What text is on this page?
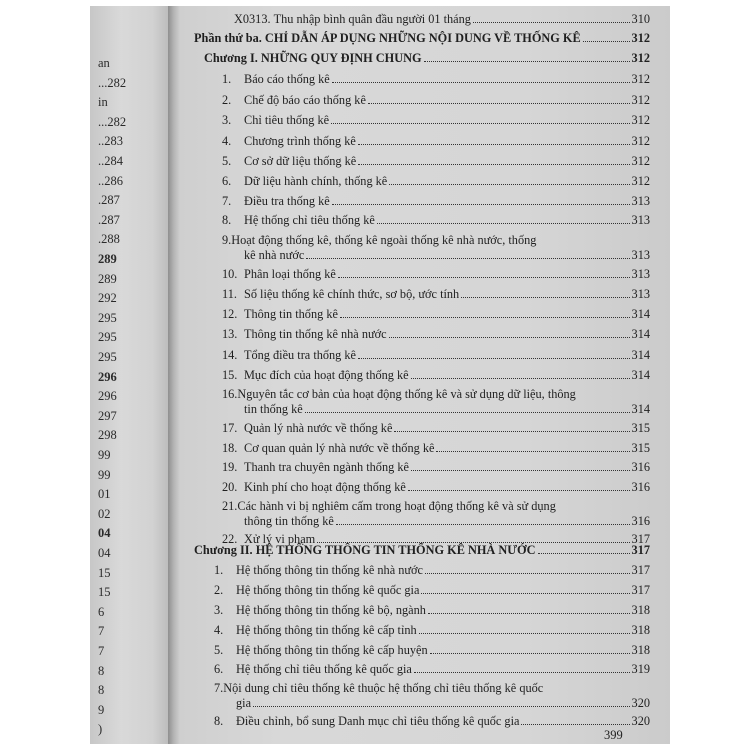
an
...282
in
...282
..283
..284
..286
.287
.287
.288
289
289
292
295
295
295
296
296
297
298
99
99
01
02
04
04
15
15
6
7
7
8
8
9
)
X0313.
Thu nhập bình quân đầu người 01 tháng	310
Phần thứ ba. CHỈ DẪN ÁP DỤNG NHỮNG NỘI DUNG VỀ THỐNG KÊ	312
Chương I. NHỮNG QUY ĐỊNH CHUNG	312
1.	Báo cáo thống kê	312
2.	Chế độ báo cáo thống kê	312
3.	Chỉ tiêu thống kê	312
4.	Chương trình thống kê	312
5.	Cơ sở dữ liệu thống kê	312
6.	Dữ liệu hành chính, thống kê	312
7.	Điều tra thống kê	313
8.	Hệ thống chỉ tiêu thống kê	313
9.Hoạt động thống kê, thống kê ngoài thống kê nhà nước, thống
kê nhà nước	313
10. Phân loại thống kê	313
11. Số liệu thống kê chính thức, sơ bộ, ước tính	313
12. Thông tin thống kê	314
13. Thông tin thống kê nhà nước	314
14. Tổng điều tra thống kê	314
15. Mục đích của hoạt động thống kê	314
16.Nguyên tắc cơ bản của hoạt động thống kê và sử dụng dữ liệu, thông
tin thống kê	314
17. Quản lý nhà nước về thống kê	315
18. Cơ quan quản lý nhà nước về thống kê	315
19. Thanh tra chuyên ngành thống kê	316
20. Kinh phí cho hoạt động thống kê	316
21.Các hành vi bị nghiêm cấm trong hoạt động thống kê và sử dụng
thông tin thống kê	316
22. Xử lý vi phạm	317
Chương II. HỆ THỐNG THÔNG TIN THỐNG KÊ NHÀ NƯỚC	317
1.	Hệ thống thông tin thống kê nhà nước	317
2.	Hệ thống thông tin thống kê quốc gia	317
3.	Hệ thống thông tin thống kê bộ, ngành	318
4.	Hệ thống thông tin thống kê cấp tỉnh	318
5.	Hệ thống thông tin thống kê cấp huyện	318
6.	Hệ thống chỉ tiêu thống kê quốc gia	319
7.Nội dung chỉ tiêu thống kê thuộc hệ thống chỉ tiêu thống kê quốc
gia	320
8.	Điều chỉnh, bổ sung Danh mục chỉ tiêu thống kê quốc gia	320
399
